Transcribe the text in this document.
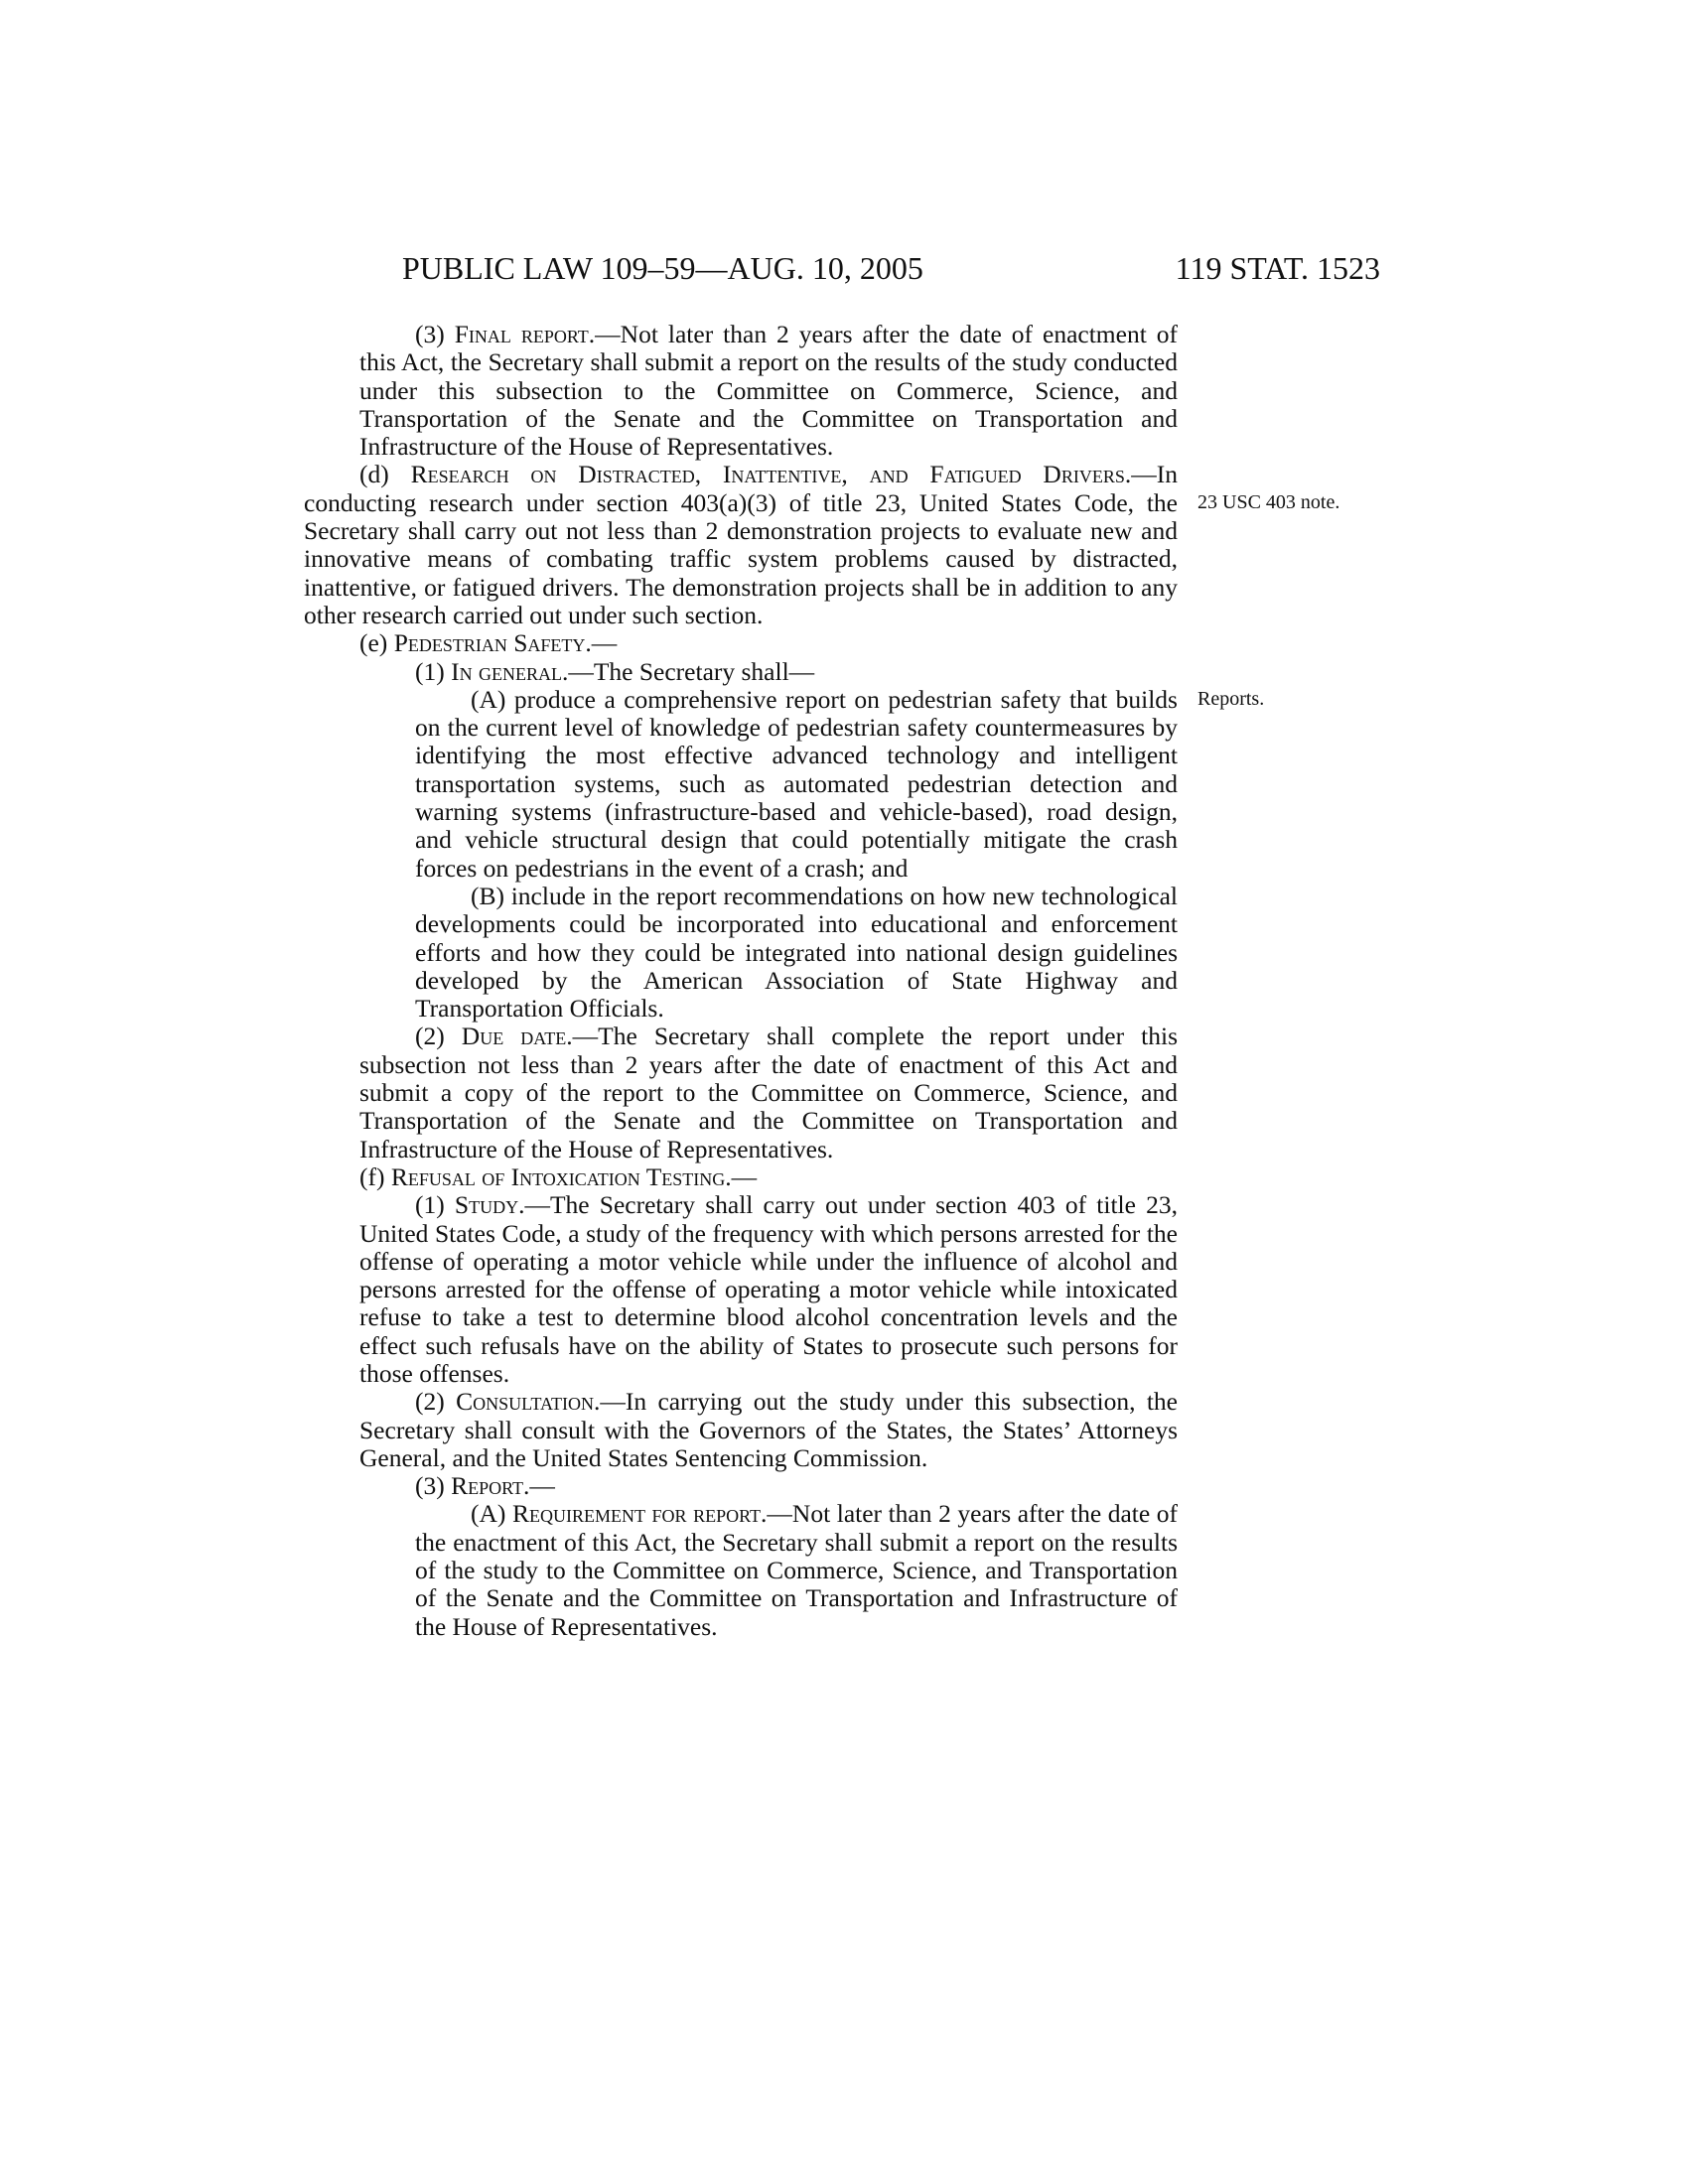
PUBLIC LAW 109–59—AUG. 10, 2005	119 STAT. 1523
23 USC 403 note.
Reports.

(3) Final report.—Not later than 2 years after the date of enactment of this Act, the Secretary shall submit a report on the results of the study conducted under this subsection to the Committee on Commerce, Science, and Transportation of the Senate and the Committee on Transportation and Infrastructure of the House of Representatives.

(d) Research on Distracted, Inattentive, and Fatigued Drivers.—In conducting research under section 403(a)(3) of title 23, United States Code, the Secretary shall carry out not less than 2 demonstration projects to evaluate new and innovative means of combating traffic system problems caused by distracted, inattentive, or fatigued drivers. The demonstration projects shall be in addition to any other research carried out under such section.

(e) Pedestrian Safety.—

(1) In general.—The Secretary shall—

(A) produce a comprehensive report on pedestrian safety that builds on the current level of knowledge of pedestrian safety countermeasures by identifying the most effective advanced technology and intelligent transportation systems, such as automated pedestrian detection and warning systems (infrastructure-based and vehicle-based), road design, and vehicle structural design that could potentially mitigate the crash forces on pedestrians in the event of a crash; and

(B) include in the report recommendations on how new technological developments could be incorporated into educational and enforcement efforts and how they could be integrated into national design guidelines developed by the American Association of State Highway and Transportation Officials.

(2) Due date.—The Secretary shall complete the report under this subsection not less than 2 years after the date of enactment of this Act and submit a copy of the report to the Committee on Commerce, Science, and Transportation of the Senate and the Committee on Transportation and Infrastructure of the House of Representatives.

(f) Refusal of Intoxication Testing.—

(1) Study.—The Secretary shall carry out under section 403 of title 23, United States Code, a study of the frequency with which persons arrested for the offense of operating a motor vehicle while under the influence of alcohol and persons arrested for the offense of operating a motor vehicle while intoxicated refuse to take a test to determine blood alcohol concentration levels and the effect such refusals have on the ability of States to prosecute such persons for those offenses.

(2) Consultation.—In carrying out the study under this subsection, the Secretary shall consult with the Governors of the States, the States’ Attorneys General, and the United States Sentencing Commission.

(3) Report.—

(A) Requirement for report.—Not later than 2 years after the date of the enactment of this Act, the Secretary shall submit a report on the results of the study to the Committee on Commerce, Science, and Transportation of the Senate and the Committee on Transportation and Infrastructure of the House of Representatives.
